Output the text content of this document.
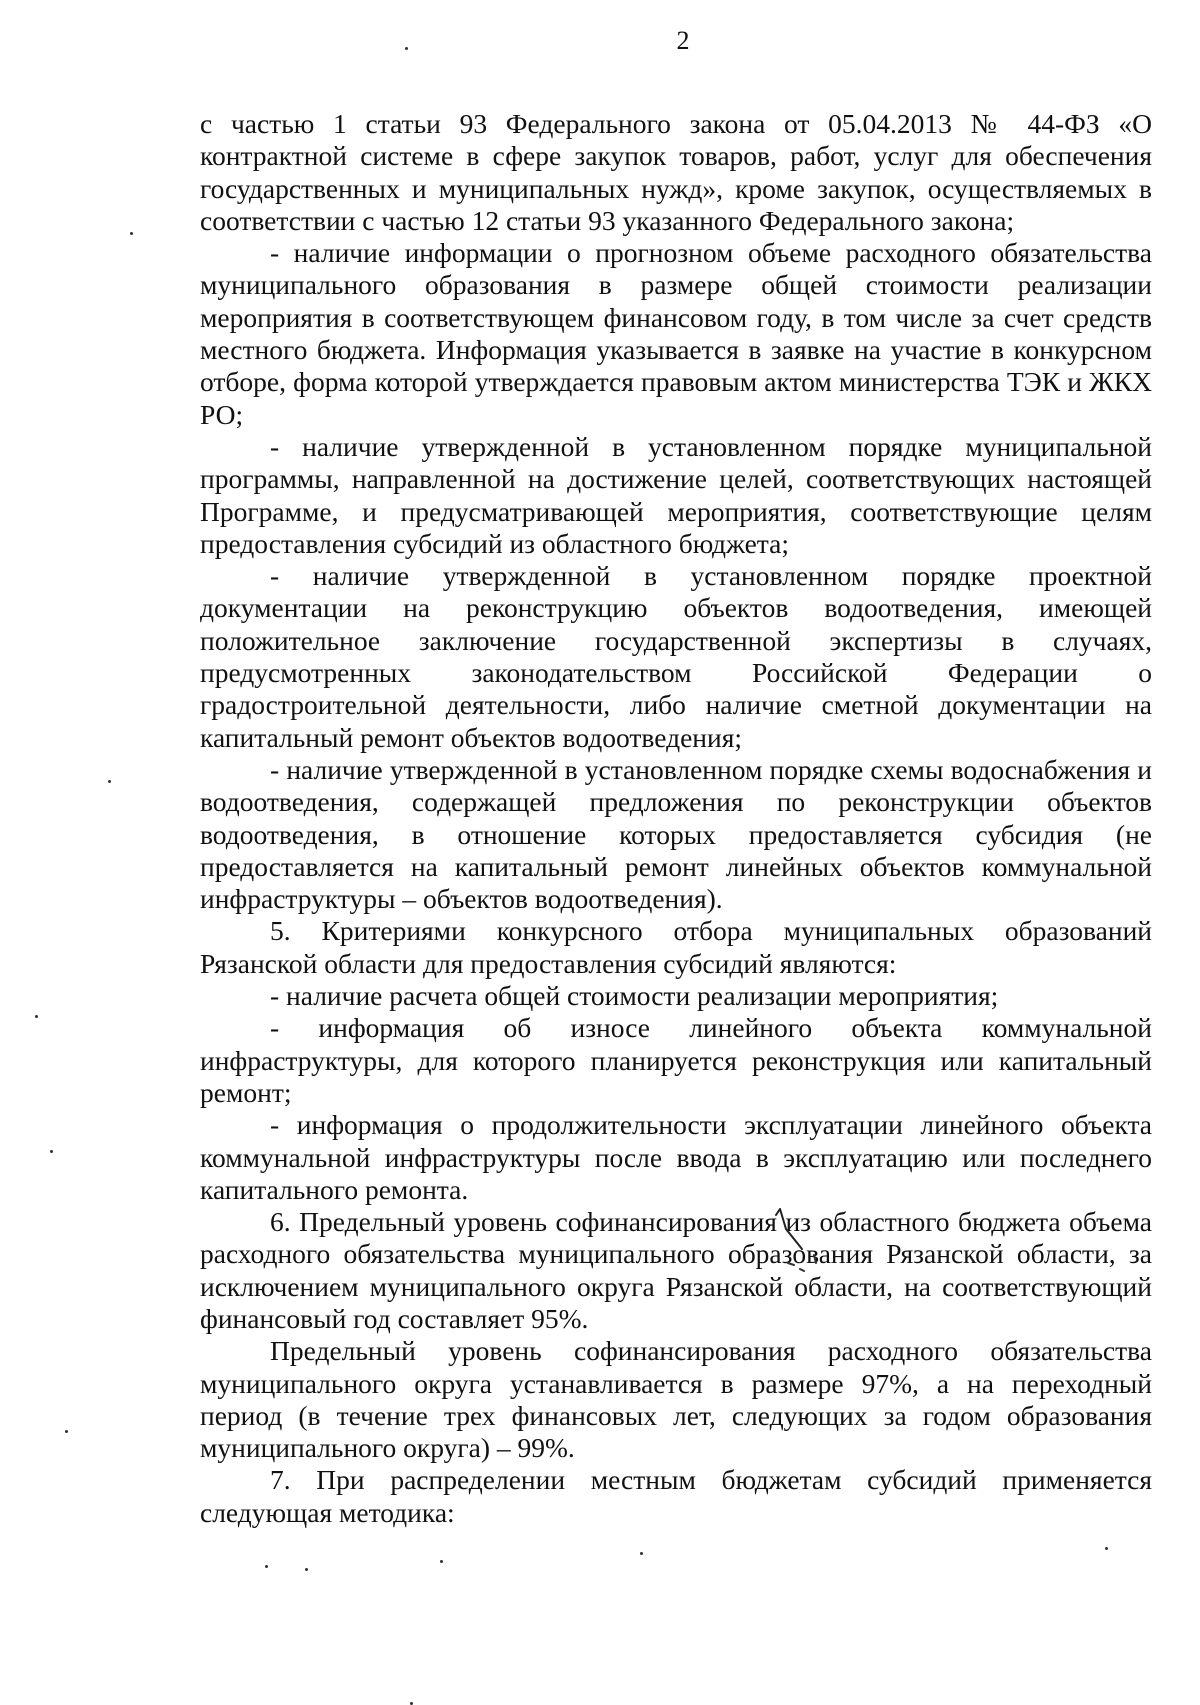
2

с частью 1 статьи 93 Федерального закона от 05.04.2013 № 44-ФЗ «О контрактной системе в сфере закупок товаров, работ, услуг для обеспечения государственных и муниципальных нужд», кроме закупок, осуществляемых в соответствии с частью 12 статьи 93 указанного Федерального закона;

- наличие информации о прогнозном объеме расходного обязательства муниципального образования в размере общей стоимости реализации мероприятия в соответствующем финансовом году, в том числе за счет средств местного бюджета. Информация указывается в заявке на участие в конкурсном отборе, форма которой утверждается правовым актом министерства ТЭК и ЖКХ РО;

- наличие утвержденной в установленном порядке муниципальной программы, направленной на достижение целей, соответствующих настоящей Программе, и предусматривающей мероприятия, соответствующие целям предоставления субсидий из областного бюджета;

- наличие утвержденной в установленном порядке проектной документации на реконструкцию объектов водоотведения, имеющей положительное заключение государственной экспертизы в случаях, предусмотренных законодательством Российской Федерации о градостроительной деятельности, либо наличие сметной документации на капитальный ремонт объектов водоотведения;

- наличие утвержденной в установленном порядке схемы водоснабжения и водоотведения, содержащей предложения по реконструкции объектов водоотведения, в отношение которых предоставляется субсидия (не предоставляется на капитальный ремонт линейных объектов коммунальной инфраструктуры – объектов водоотведения).

5. Критериями конкурсного отбора муниципальных образований Рязанской области для предоставления субсидий являются:

- наличие расчета общей стоимости реализации мероприятия;

- информация об износе линейного объекта коммунальной инфраструктуры, для которого планируется реконструкция или капитальный ремонт;

- информация о продолжительности эксплуатации линейного объекта коммунальной инфраструктуры после ввода в эксплуатацию или последнего капитального ремонта.

6. Предельный уровень софинансирования из областного бюджета объема расходного обязательства муниципального образования Рязанской области, за исключением муниципального округа Рязанской области, на соответствующий финансовый год составляет 95%.

Предельный уровень софинансирования расходного обязательства муниципального округа устанавливается в размере 97%, а на переходный период (в течение трех финансовых лет, следующих за годом образования муниципального округа) – 99%.

7. При распределении местным бюджетам субсидий применяется следующая методика:
